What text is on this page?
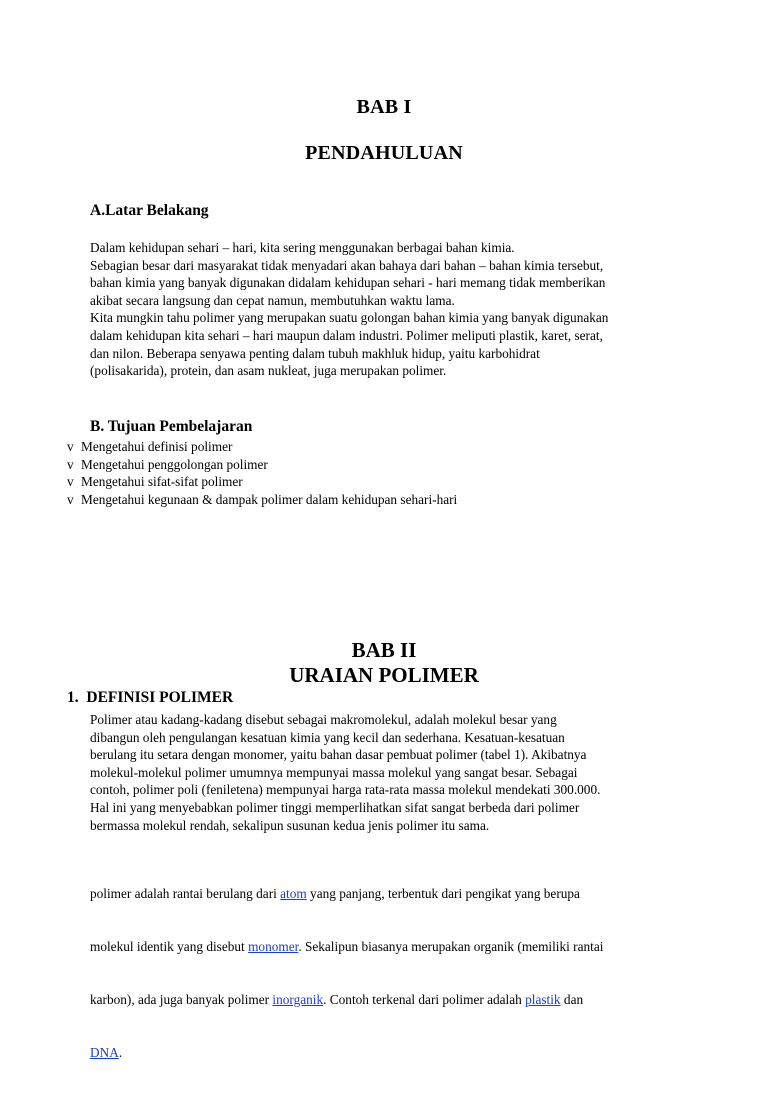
BAB I
PENDAHULUAN
A.Latar Belakang

Dalam kehidupan sehari – hari, kita sering menggunakan berbagai bahan kimia.

Sebagian besar dari masyarakat tidak menyadari akan bahaya dari bahan – bahan kimia tersebut,

bahan kimia yang banyak digunakan didalam kehidupan sehari - hari memang tidak memberikan

akibat secara langsung dan cepat namun, membutuhkan waktu lama.

Kita mungkin tahu polimer yang merupakan suatu golongan bahan kimia yang banyak digunakan

dalam kehidupan kita sehari – hari maupun dalam industri. Polimer meliputi plastik, karet, serat,

dan nilon. Beberapa senyawa penting dalam tubuh makhluk hidup, yaitu karbohidrat

(polisakarida), protein, dan asam nukleat, juga merupakan polimer.

B. Tujuan Pembelajaran
v Mengetahui definisi polimer
v Mengetahui penggolongan polimer
v Mengetahui sifat-sifat polimer
v Mengetahui kegunaan & dampak polimer dalam kehidupan sehari-hari
BAB II
URAIAN POLIMER
1.  DEFINISI POLIMER

Polimer atau kadang-kadang disebut sebagai makromolekul, adalah molekul besar yang

dibangun oleh pengulangan kesatuan kimia yang kecil dan sederhana. Kesatuan-kesatuan

berulang itu setara dengan monomer, yaitu bahan dasar pembuat polimer (tabel 1). Akibatnya

molekul-molekul polimer umumnya mempunyai massa molekul yang sangat besar. Sebagai

contoh, polimer poli (feniletena) mempunyai harga rata-rata massa molekul mendekati 300.000.

Hal ini yang menyebabkan polimer tinggi memperlihatkan sifat sangat berbeda dari polimer

bermassa molekul rendah, sekalipun susunan kedua jenis polimer itu sama.

polimer adalah rantai berulang dari atom yang panjang, terbentuk dari pengikat yang berupa

molekul identik yang disebut monomer. Sekalipun biasanya merupakan organik (memiliki rantai

karbon), ada juga banyak polimer inorganik. Contoh terkenal dari polimer adalah plastik dan

DNA.
